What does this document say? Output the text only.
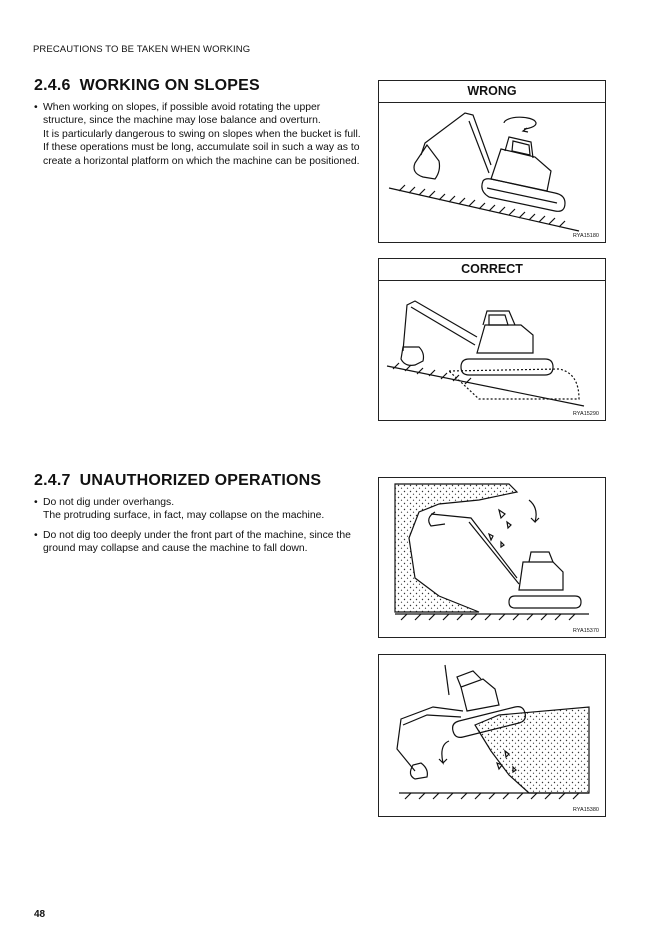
PRECAUTIONS TO BE TAKEN WHEN WORKING
2.4.6 WORKING ON SLOPES

• When working on slopes, if possible avoid rotating the upper structure, since the machine may lose balance and overturn.

It is particularly dangerous to swing on slopes when the bucket is full.

If these operations must be long, accumulate soil in such a way as to create a horizontal platform on which the machine can be positioned.

2.4.7 UNAUTHORIZED OPERATIONS

• Do not dig under overhangs.

The protruding surface, in fact, may collapse on the machine.

• Do not dig too deeply under the front part of the machine, since the ground may collapse and cause the machine to fall down.

WRONG
RYA15180
CORRECT
RYA15290
RYA15370
RYA15380
48
